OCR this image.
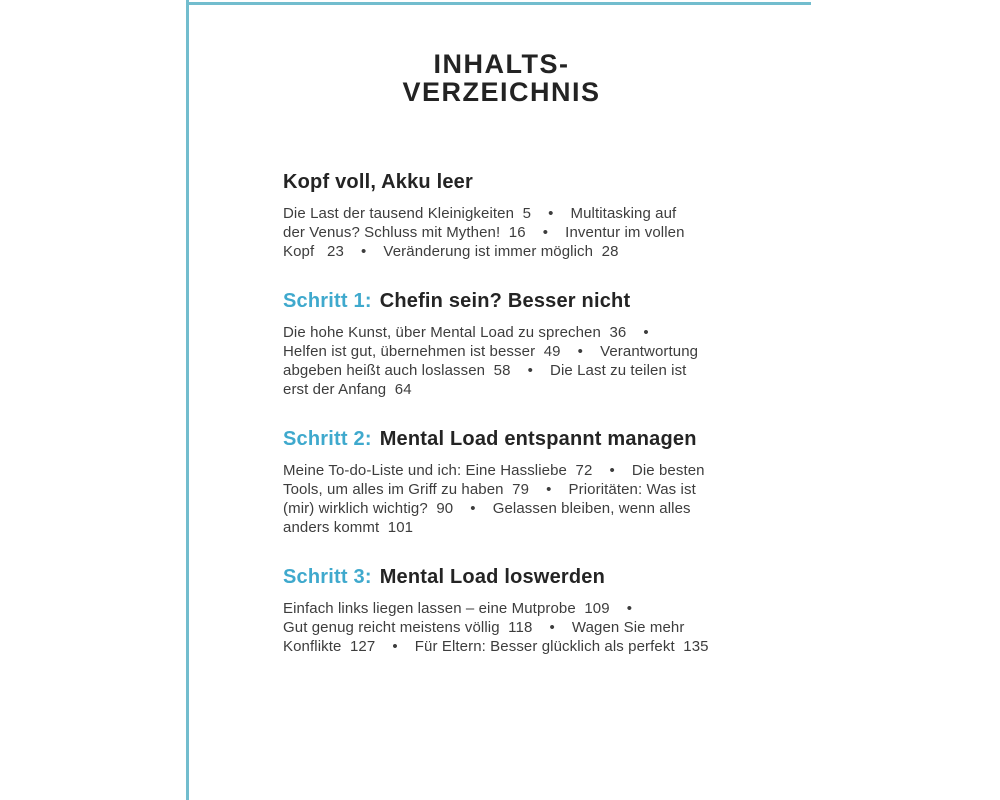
INHALTS-
VERZEICHNIS
Kopf voll, Akku leer
Die Last der tausend Kleinigkeiten  5    •    Multitasking auf
der Venus? Schluss mit Mythen!  16    •    Inventur im vollen
Kopf   23    •    Veränderung ist immer möglich  28
Schritt 1: Chefin sein? Besser nicht
Die hohe Kunst, über Mental Load zu sprechen  36    •
Helfen ist gut, übernehmen ist besser  49    •    Verantwortung
abgeben heißt auch loslassen  58    •    Die Last zu teilen ist
erst der Anfang  64
Schritt 2: Mental Load entspannt managen
Meine To-do-Liste und ich: Eine Hassliebe  72    •    Die besten
Tools, um alles im Griff zu haben  79    •    Prioritäten: Was ist
(mir) wirklich wichtig?  90    •    Gelassen bleiben, wenn alles
anders kommt  101
Schritt 3: Mental Load loswerden
Einfach links liegen lassen – eine Mutprobe  109    •
Gut genug reicht meistens völlig  118    •    Wagen Sie mehr
Konflikte  127    •    Für Eltern: Besser glücklich als perfekt  135
